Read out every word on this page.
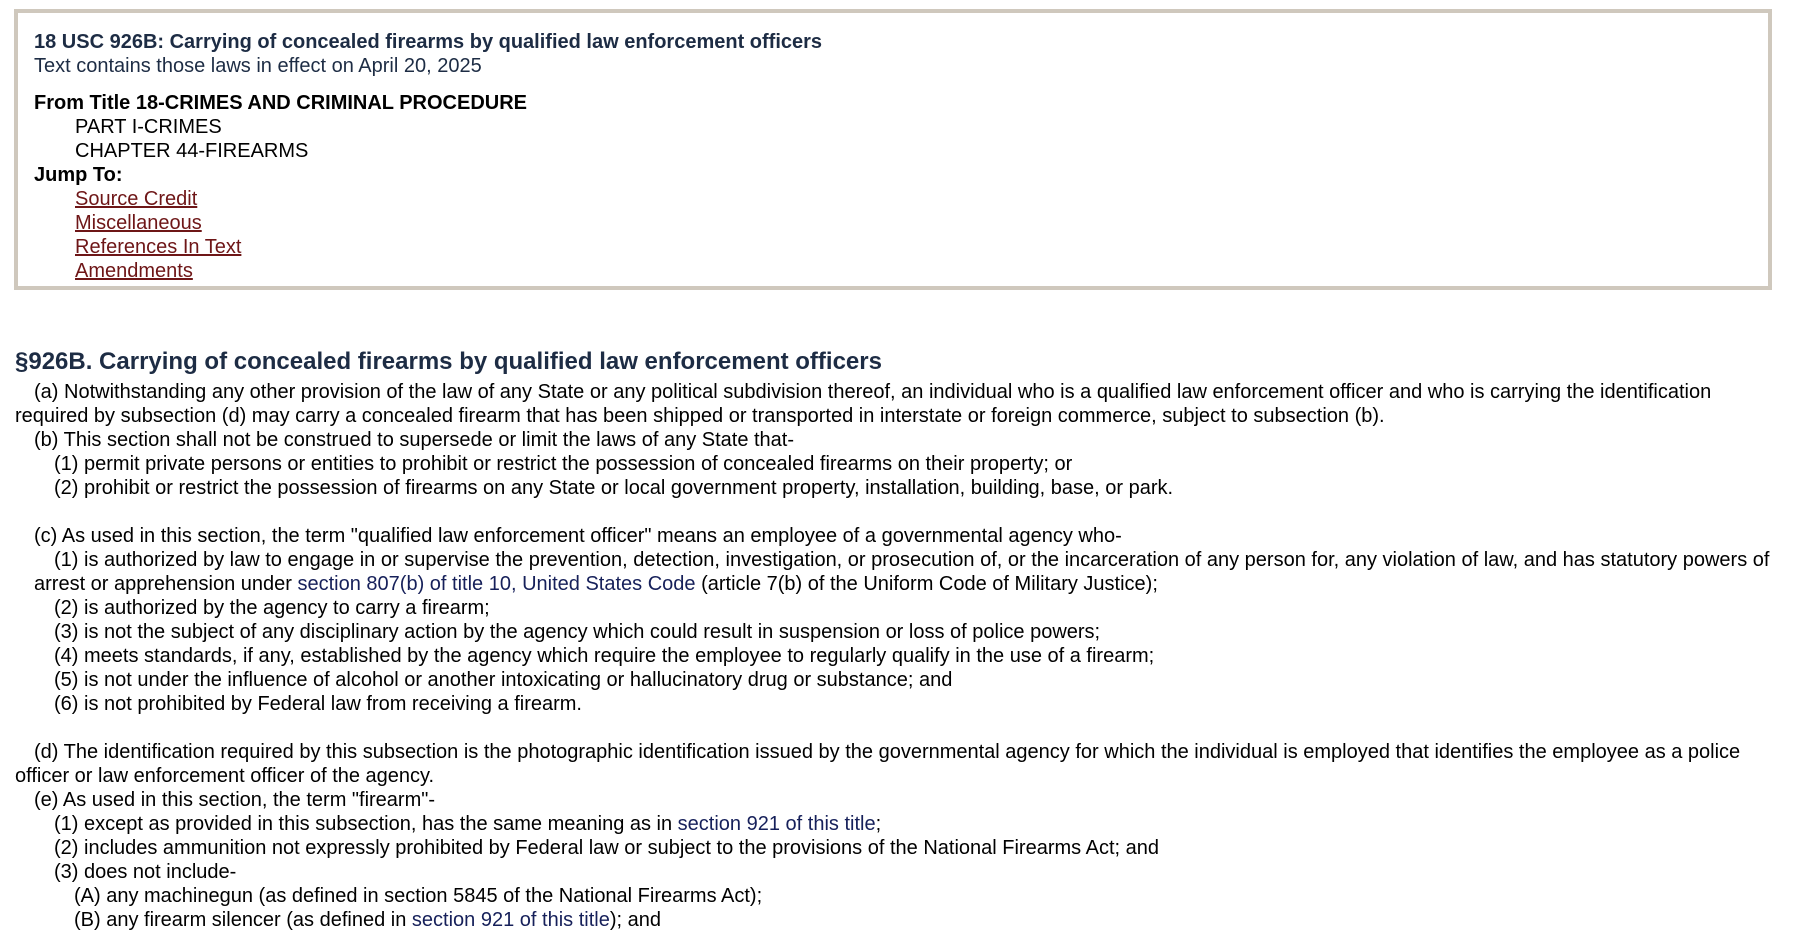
18 USC 926B: Carrying of concealed firearms by qualified law enforcement officers
Text contains those laws in effect on April 20, 2025
From Title 18-CRIMES AND CRIMINAL PROCEDURE
PART I-CRIMES
CHAPTER 44-FIREARMS
Jump To:
Source Credit
Miscellaneous
References In Text
Amendments
§926B. Carrying of concealed firearms by qualified law enforcement officers
(a) Notwithstanding any other provision of the law of any State or any political subdivision thereof, an individual who is a qualified law enforcement officer and who is carrying the identification required by subsection (d) may carry a concealed firearm that has been shipped or transported in interstate or foreign commerce, subject to subsection (b).
(b) This section shall not be construed to supersede or limit the laws of any State that-
(1) permit private persons or entities to prohibit or restrict the possession of concealed firearms on their property; or
(2) prohibit or restrict the possession of firearms on any State or local government property, installation, building, base, or park.
(c) As used in this section, the term "qualified law enforcement officer" means an employee of a governmental agency who-
(1) is authorized by law to engage in or supervise the prevention, detection, investigation, or prosecution of, or the incarceration of any person for, any violation of law, and has statutory powers of arrest or apprehension under section 807(b) of title 10, United States Code (article 7(b) of the Uniform Code of Military Justice);
(2) is authorized by the agency to carry a firearm;
(3) is not the subject of any disciplinary action by the agency which could result in suspension or loss of police powers;
(4) meets standards, if any, established by the agency which require the employee to regularly qualify in the use of a firearm;
(5) is not under the influence of alcohol or another intoxicating or hallucinatory drug or substance; and
(6) is not prohibited by Federal law from receiving a firearm.
(d) The identification required by this subsection is the photographic identification issued by the governmental agency for which the individual is employed that identifies the employee as a police officer or law enforcement officer of the agency.
(e) As used in this section, the term "firearm"-
(1) except as provided in this subsection, has the same meaning as in section 921 of this title;
(2) includes ammunition not expressly prohibited by Federal law or subject to the provisions of the National Firearms Act; and
(3) does not include-
(A) any machinegun (as defined in section 5845 of the National Firearms Act);
(B) any firearm silencer (as defined in section 921 of this title); and
